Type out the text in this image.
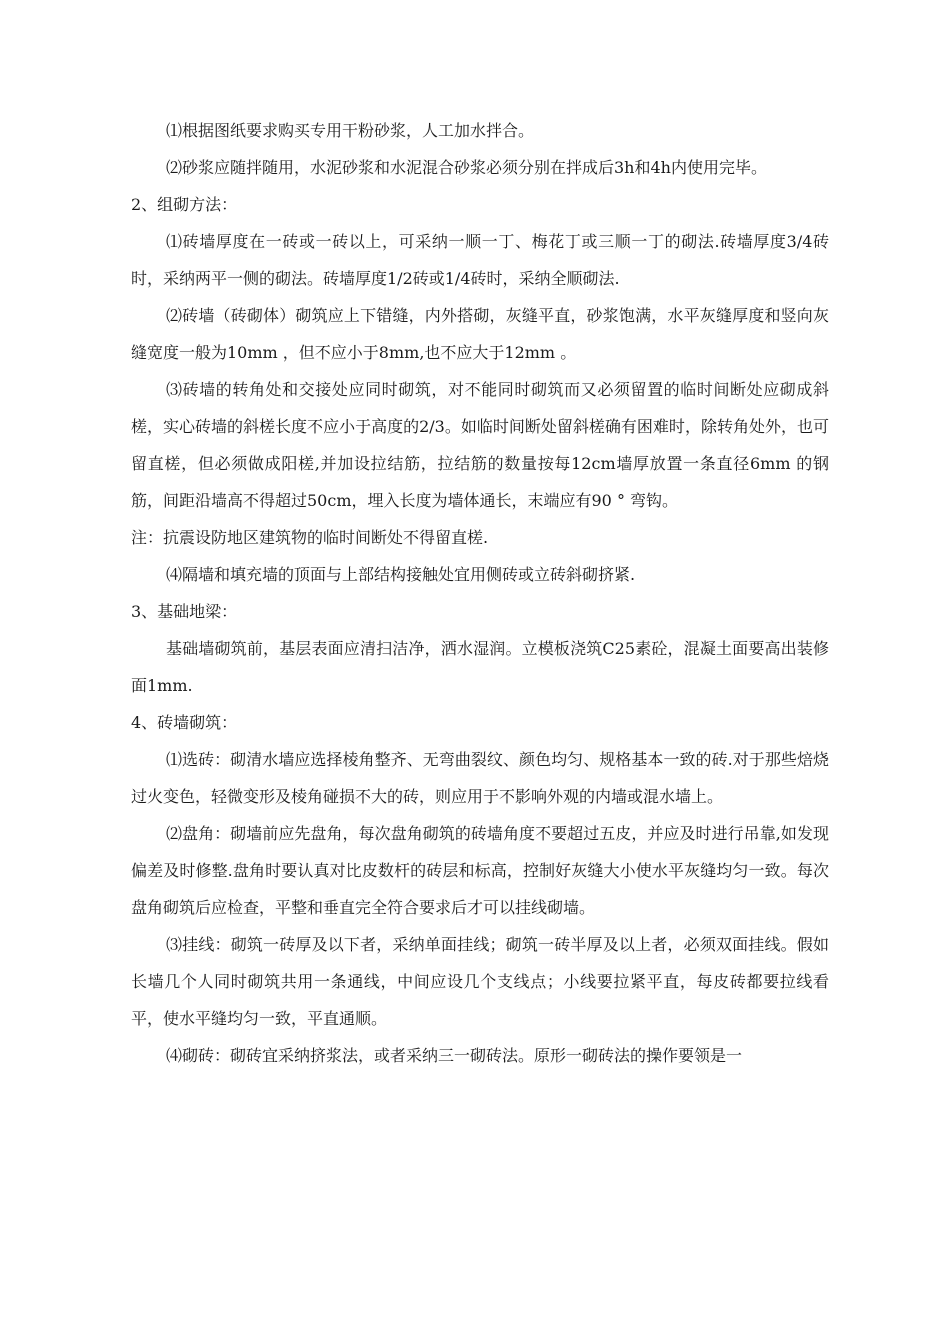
⑴根据图纸要求购买专用干粉砂浆，人工加水拌合。

⑵砂浆应随拌随用，水泥砂浆和水泥混合砂浆必须分别在拌成后3h和4h内使用完毕。

2、组砌方法：

⑴砖墙厚度在一砖或一砖以上，可采纳一顺一丁、梅花丁或三顺一丁的砌法.砖墙厚度3/4砖时，采纳两平一侧的砌法。砖墙厚度1/2砖或1/4砖时，采纳全顺砌法.

⑵砖墙（砖砌体）砌筑应上下错缝，内外搭砌，灰缝平直，砂浆饱满，水平灰缝厚度和竖向灰缝宽度一般为10mm ，但不应小于8mm,也不应大于12mm 。

⑶砖墙的转角处和交接处应同时砌筑，对不能同时砌筑而又必须留置的临时间断处应砌成斜槎，实心砖墙的斜槎长度不应小于高度的2/3。如临时间断处留斜槎确有困难时，除转角处外，也可留直槎，但必须做成阳槎,并加设拉结筋，拉结筋的数量按每12cm墙厚放置一条直径6mm 的钢筋，间距沿墙高不得超过50cm，埋入长度为墙体通长，末端应有90 ° 弯钩。

注：抗震设防地区建筑物的临时间断处不得留直槎.

⑷隔墙和填充墙的顶面与上部结构接触处宜用侧砖或立砖斜砌挤紧.

3、基础地梁：

基础墙砌筑前，基层表面应清扫洁净，洒水湿润。立模板浇筑C25素砼，混凝土面要高出装修面1mm.

4、砖墙砌筑：

⑴选砖：砌清水墙应选择棱角整齐、无弯曲裂纹、颜色均匀、规格基本一致的砖.对于那些焙烧过火变色，轻微变形及棱角碰损不大的砖，则应用于不影响外观的内墙或混水墙上。

⑵盘角：砌墙前应先盘角，每次盘角砌筑的砖墙角度不要超过五皮，并应及时进行吊靠,如发现偏差及时修整.盘角时要认真对比皮数杆的砖层和标高，控制好灰缝大小使水平灰缝均匀一致。每次盘角砌筑后应检查，平整和垂直完全符合要求后才可以挂线砌墙。

⑶挂线：砌筑一砖厚及以下者，采纳单面挂线；砌筑一砖半厚及以上者，必须双面挂线。假如长墙几个人同时砌筑共用一条通线，中间应设几个支线点；小线要拉紧平直，每皮砖都要拉线看平，使水平缝均匀一致，平直通顺。

⑷砌砖：砌砖宜采纳挤浆法，或者采纳三一砌砖法。原形一砌砖法的操作要领是一
